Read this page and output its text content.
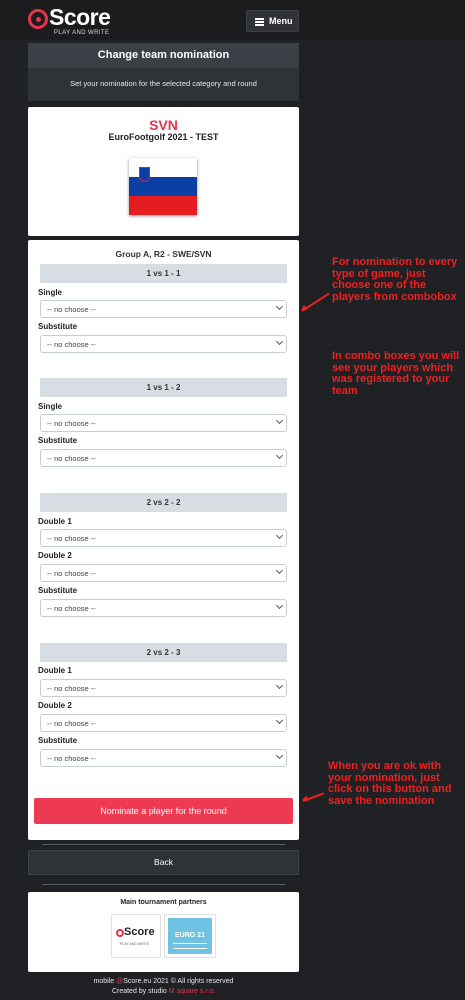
Score
PLAY AND WRITE
Menu
Change team nomination
Set your nomination for the selected category and round
SVN
EuroFootgolf 2021 - TEST
Group A, R2 - SWE/SVN
1 vs 1 - 1
Single
-- no choose --
Substitute
-- no choose --
1 vs 1 - 2
Single
-- no choose --
Substitute
-- no choose --
2 vs 2 - 2
Double 1
-- no choose --
Double 2
-- no choose --
Substitute
-- no choose --
2 vs 2 - 3
Double 1
-- no choose --
Double 2
-- no choose --
Substitute
-- no choose --
Nominate a player for the round
Back
Main tournament partners
Score
PLAY AND WRITE
EURO 21
mobile @Score.eu 2021 © All rights reserved
Created by studio M square s.r.o.
For nomination to every type of game, just choose one of the players from combobox
In combo boxes you will see your players which was registered to your team
When you are ok with your nomination, just click on this button and save the nomination
